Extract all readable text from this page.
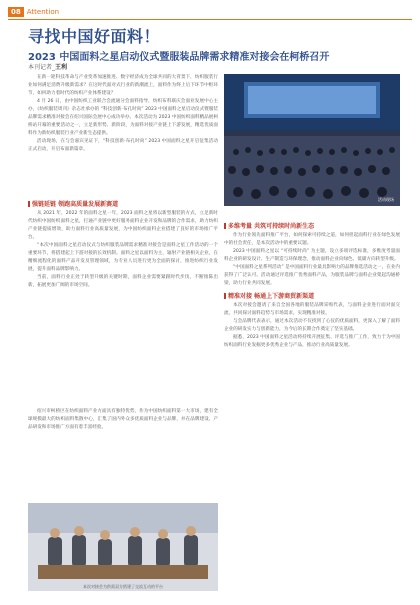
08 Attention
寻找中国好面料！
2023 中国面料之星启动仪式暨服装品牌需求精准对接会在柯桥召开
本刊记者_王利

在新一轮科技革命与产业变革加速推进、数字经济成为全球共同的大背景下，纺织服装行业如何满足消费升级新需求？在这时代面对式行业的新潮流上，面料作为终上后下环节中枢环节，如何助力着时代的纺织产业体系建设？

4 月 26 日，由中国纺织工业联合会流通分会面料指导，纺织布料联庆会面业发展中心主办，《纺织服装周刊》杂志社承办的 “科技创新·布孔时尚” 2023 中国面料之星启动仪式暨服装品牌需求精准对接会在绍兴国际会展中心成功举办。本次活动为 2023 中国纺织面料精品展柯桥站开幕的重要活动之一，立足新形势、新阶段，为面料对接产业链上下游发展，精选优质面料作为新纺织服装行业产业新生态提供。

活动现场，在与会嘉宾见证下，“科技创新·布孔时尚” 2023 中国面料之星开启征集活动正式启动，开启布面新篇章。

活动现场

强链延链 领跑高质量发展新赛道

从 2021 年，2022 年的面料之星一年，2023 面料之星将以新型服装的方式，立足新时代纺织中国纺织面料之星，打通产业链中更好服务面料企业开发和品牌的合作需求，助力纺织产业链提质增效，助力面料行业高质量发展，为中国纺织面料企业搭建了良好的市场推广平台。

“本次中国面料之星启动仪式与纺织服装品牌需求精准对接会是面料之星工作活动的一个重要环节，将搭建起上下游对接的长效机制。面料之星以面料为主，辐射产业链相关企业，在精细流程化的面料产品开发及管理领域，为专业人员进行更为全面的探讨，推进纺织行业发展，提升面料品牌影响力。

当前，面料行业正处于转型升级的关键时期，面料企业需要紧跟时代步伐，不断推陈出新，拓展更加广阔的市场空间。

绍兴市柯桥区在纺织面料产业方面具有独特优势，作为中国纺织面料第一大市场，建有全球规模最大的纺织面料集散中心，汇集了国内外众多优质面料企业与品牌，并在品牌建设、产品研发和市场推广方面有着丰富经验。

本次对接会为供需双方搭建了交流互动的平台

多维考量 共筑可持续时尚新生态

作为行业领先面料推广平台，如何探索可持续之道，如何担起面料行业在绿色发展中的社会责任，是本次活动中的重要议题。

2023 中国面料之星以 “可持续时尚” 为主题，设立多项评选标准，多维度考量面料企业的研发设计、生产制造与环保理念，推动面料企业向绿色、低碳方向转型升级。

“中国面料之星系列活动” 是中国面料行业最具影响力的品牌推选活动之一，在业内获得了广泛认可。活动通过评选推广优秀面料产品，为服装品牌与面料企业架起沟通桥梁，助力行业共同发展。

精准对接 畅通上下游商贸新渠道

本次对接会邀请了来自全国各地的服装品牌采购代表，与面料企业进行面对面交流，共同探讨面料趋势与市场需求，实现精准对接。

与会品牌代表表示，通过本次活动不仅找到了心仪的优质面料，更深入了解了面料企业的研发实力与创新能力，为今后的长期合作奠定了坚实基础。

据悉，2023 中国面料之星活动将持续开展征集、评选与推广工作，致力于为中国纺织面料行业发掘更多优秀企业与产品，推动行业高质量发展。
